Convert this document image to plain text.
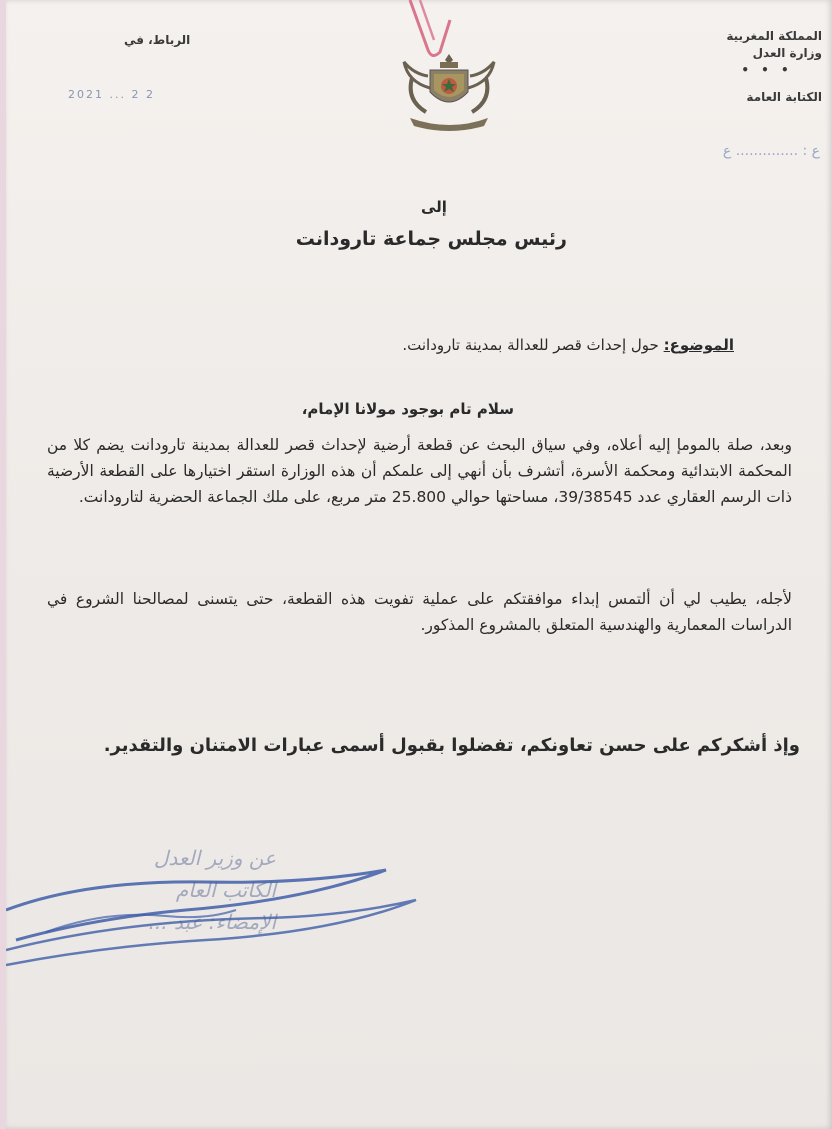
المملكة المغربية
وزارة العدل
• • •
الكتابة العامة
ع : .............. ع
الرباط، في
2021 ... 2 2
إلى
رئيس مجلس جماعة تارودانت
الموضوع: حول إحداث قصر للعدالة بمدينة تارودانت.
سلام تام بوجود مولانا الإمام،
وبعد، صلة بالمومإ إليه أعلاه، وفي سياق البحث عن قطعة أرضية لإحداث قصر للعدالة بمدينة تارودانت يضم كلا من المحكمة الابتدائية ومحكمة الأسرة، أتشرف بأن أنهي إلى علمكم أن هذه الوزارة استقر اختيارها على القطعة الأرضية ذات الرسم العقاري عدد 39/38545، مساحتها حوالي 25.800 متر مربع، على ملك الجماعة الحضرية لتارودانت.
لأجله، يطيب لي أن ألتمس إبداء موافقتكم على عملية تفويت هذه القطعة، حتى يتسنى لمصالحنا الشروع في الدراسات المعمارية والهندسية المتعلق بالمشروع المذكور.
وإذ أشكركم على حسن تعاونكم، تفضلوا بقبول أسمى عبارات الامتنان والتقدير.
عن وزير العدل
الكاتب العام
الإمضاء: عبد ...
